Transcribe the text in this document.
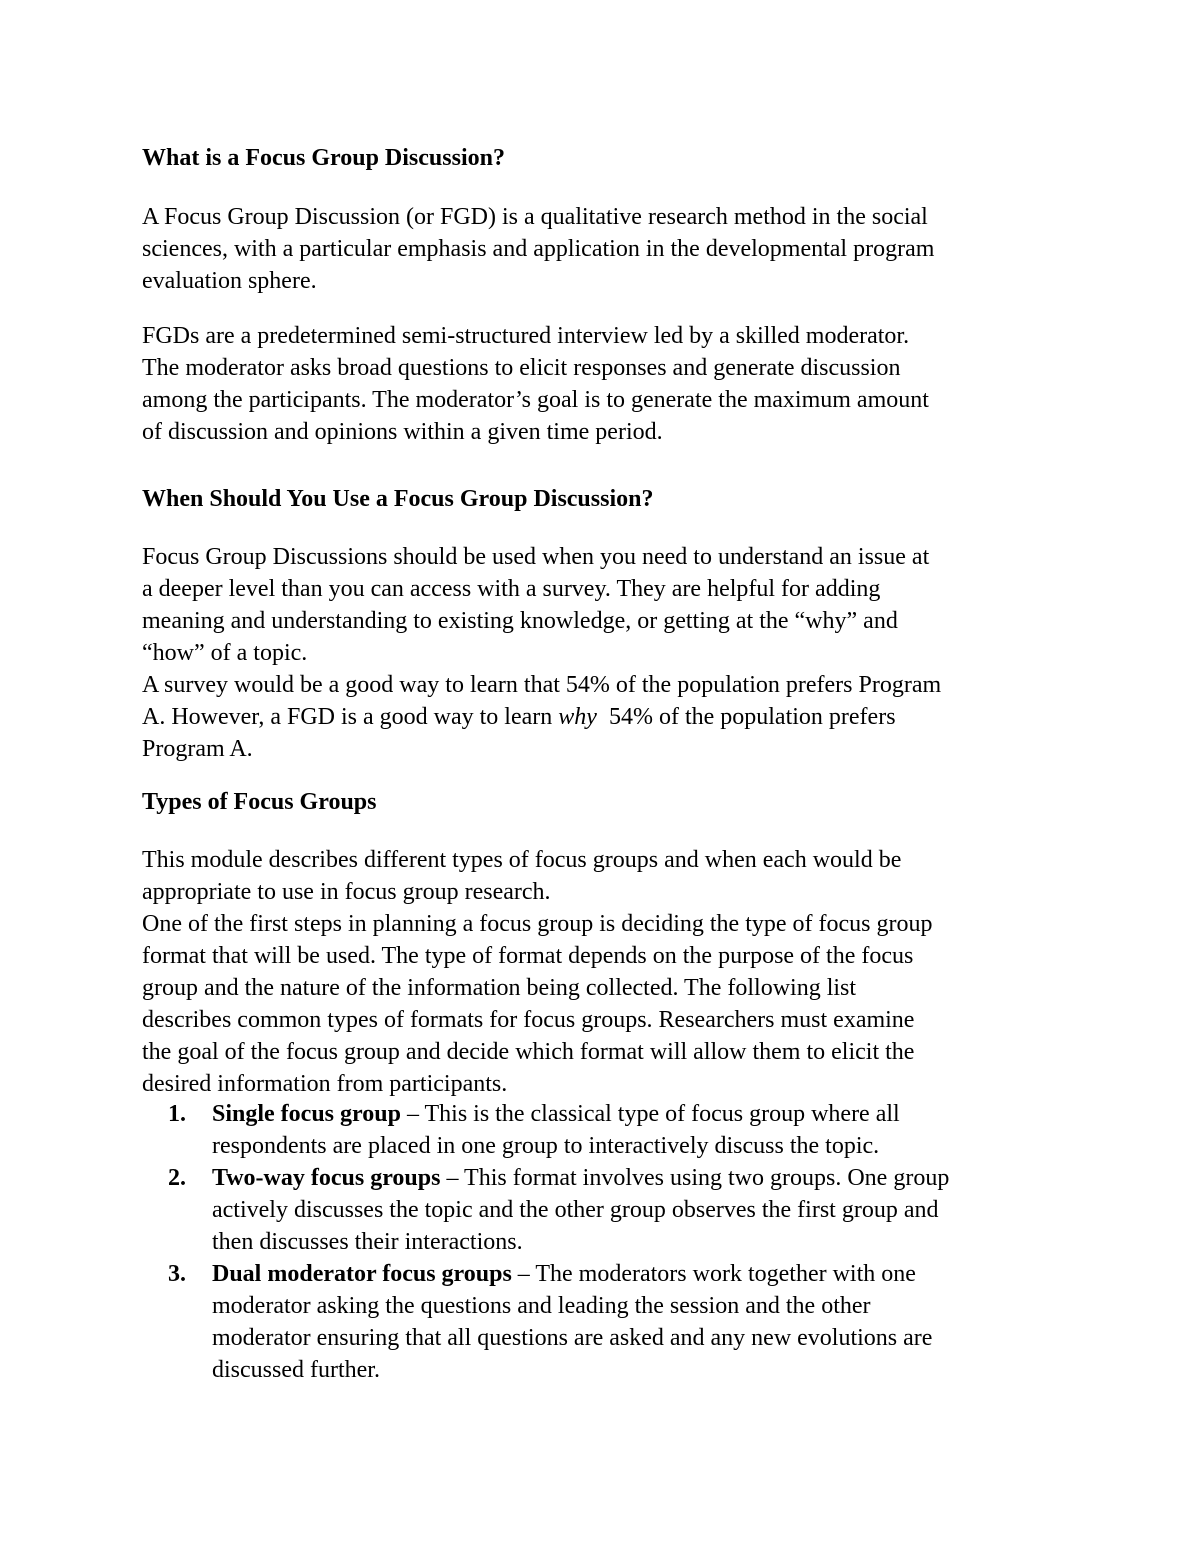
What is a Focus Group Discussion?
A Focus Group Discussion (or FGD) is a qualitative research method in the social
sciences, with a particular emphasis and application in the developmental program
evaluation sphere.
FGDs are a predetermined semi-structured interview led by a skilled moderator.
The moderator asks broad questions to elicit responses and generate discussion
among the participants. The moderator’s goal is to generate the maximum amount
of discussion and opinions within a given time period.
When Should You Use a Focus Group Discussion?
Focus Group Discussions should be used when you need to understand an issue at
a deeper level than you can access with a survey. They are helpful for adding
meaning and understanding to existing knowledge, or getting at the “why” and
“how” of a topic.
A survey would be a good way to learn that 54% of the population prefers Program
A. However, a FGD is a good way to learn why  54% of the population prefers
Program A.
Types of Focus Groups
This module describes different types of focus groups and when each would be
appropriate to use in focus group research.
One of the first steps in planning a focus group is deciding the type of focus group
format that will be used. The type of format depends on the purpose of the focus
group and the nature of the information being collected. The following list
describes common types of formats for focus groups. Researchers must examine
the goal of the focus group and decide which format will allow them to elicit the
desired information from participants.
1. Single focus group – This is the classical type of focus group where all
respondents are placed in one group to interactively discuss the topic.
2. Two-way focus groups – This format involves using two groups. One group
actively discusses the topic and the other group observes the first group and
then discusses their interactions.
3. Dual moderator focus groups – The moderators work together with one
moderator asking the questions and leading the session and the other
moderator ensuring that all questions are asked and any new evolutions are
discussed further.
